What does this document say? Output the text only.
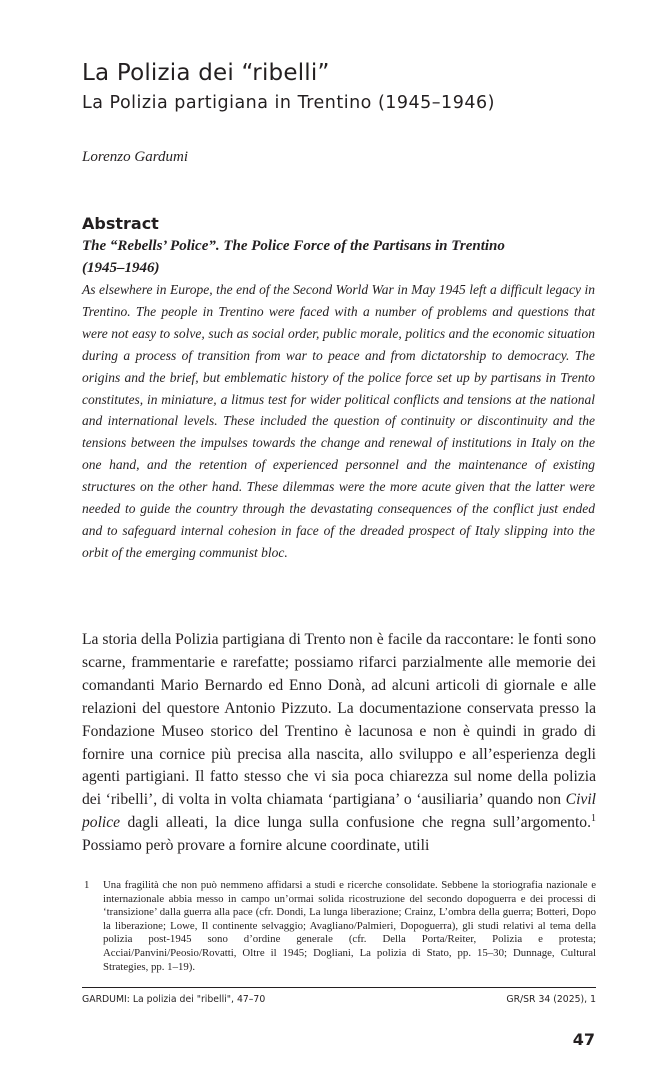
La Polizia dei “ribelli”
La Polizia partigiana in Trentino (1945–1946)
Lorenzo Gardumi
Abstract
The “Rebells’ Police”. The Police Force of the Partisans in Trentino (1945–1946)
As elsewhere in Europe, the end of the Second World War in May 1945 left a difficult legacy in Trentino. The people in Trentino were faced with a number of problems and questions that were not easy to solve, such as social order, public morale, politics and the economic situation during a process of transition from war to peace and from dictatorship to democracy. The origins and the brief, but emblematic history of the police force set up by partisans in Trento constitutes, in miniature, a litmus test for wider political conflicts and tensions at the national and international levels. These included the question of continuity or discontinuity and the tensions between the impulses towards the change and renewal of institutions in Italy on the one hand, and the retention of experienced personnel and the maintenance of existing structures on the other hand. These dilemmas were the more acute given that the latter were needed to guide the country through the devastating consequences of the conflict just ended and to safeguard internal cohesion in face of the dreaded prospect of Italy slipping into the orbit of the emerging communist bloc.
La storia della Polizia partigiana di Trento non è facile da raccontare: le fonti sono scarne, frammentarie e rarefatte; possiamo rifarci parzialmente alle memorie dei comandanti Mario Bernardo ed Enno Donà, ad alcuni articoli di giornale e alle relazioni del questore Antonio Pizzuto. La documentazione conservata presso la Fondazione Museo storico del Trentino è lacunosa e non è quindi in grado di fornire una cornice più precisa alla nascita, allo sviluppo e all’esperienza degli agenti partigiani. Il fatto stesso che vi sia poca chiarezza sul nome della polizia dei ‘ribelli’, di volta in volta chiamata ‘partigiana’ o ‘ausiliaria’ quando non Civil police dagli alleati, la dice lunga sulla confusione che regna sull’argomento.$^1$ Possiamo però provare a fornire alcune coordinate, utili
1	Una fragilità che non può nemmeno affidarsi a studi e ricerche consolidate. Sebbene la storiografia nazionale e internazionale abbia messo in campo un’ormai solida ricostruzione del secondo dopoguerra e dei processi di ‘transizione’ dalla guerra alla pace (cfr. Dondi, La lunga liberazione; Crainz, L’ombra della guerra; Botteri, Dopo la liberazione; Lowe, Il continente selvaggio; Avagliano/Palmieri, Dopoguerra), gli studi relativi al tema della polizia post-1945 sono d’ordine generale (cfr. Della Porta/Reiter, Polizia e protesta; Acciai/Panvini/Peosio/Rovatti, Oltre il 1945; Dogliani, La polizia di Stato, pp. 15–30; Dunnage, Cultural Strategies, pp. 1–19).
GARDUMI: La polizia dei "ribelli", 47–70	GR/SR 34 (2025), 1
47
